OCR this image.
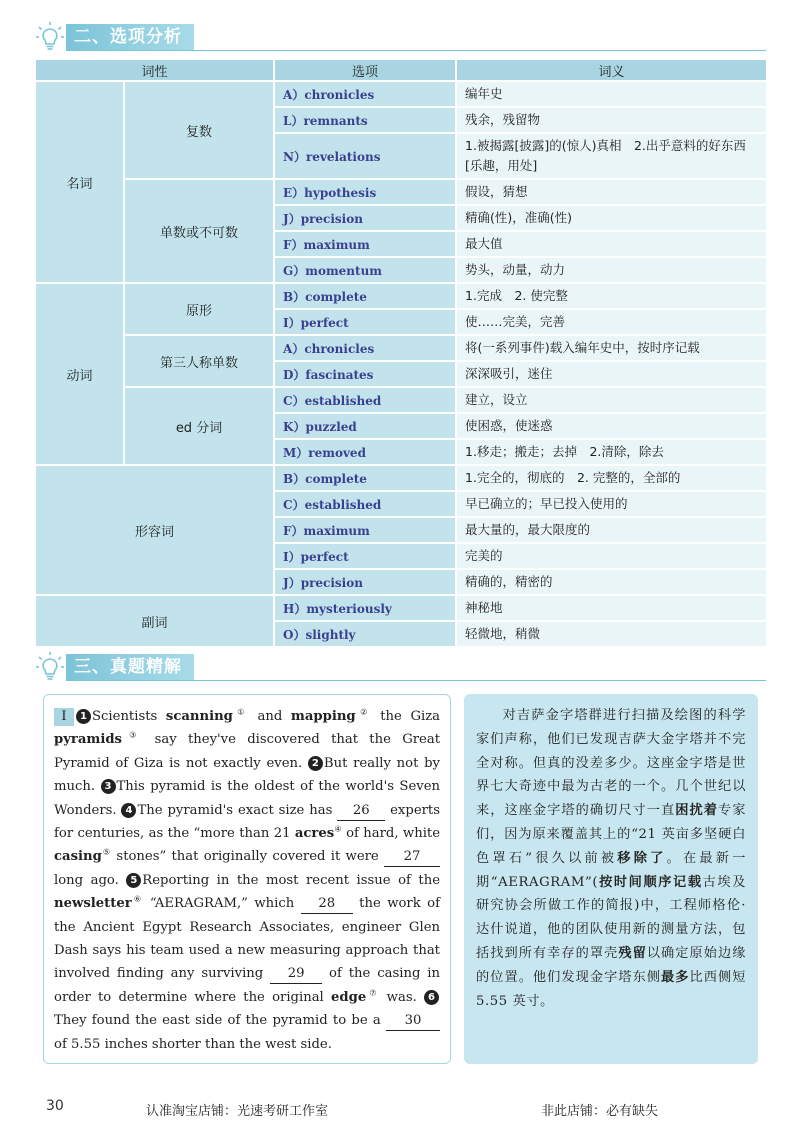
二、选项分析
词性		选项	词义
名词	复数	A）chronicles	编年史
		L）remnants	残余，残留物
		N）revelations	1.被揭露[披露]的(惊人)真相　2.出乎意料的好东西[乐趣，用处]
	单数或不可数	E）hypothesis	假设，猜想
		J）precision	精确(性)，准确(性)
		F）maximum	最大值
		G）momentum	势头，动量，动力
动词	原形	B）complete	1.完成　2. 使完整
		I）perfect	使……完美，完善
	第三人称单数	A）chronicles	将(一系列事件)载入编年史中，按时序记载
		D）fascinates	深深吸引，迷住
	ed 分词	C）established	建立，设立
		K）puzzled	使困惑，使迷惑
		M）removed	1.移走；搬走；去掉　2.清除，除去
形容词		B）complete	1.完全的，彻底的　2. 完整的，全部的
		C）established	早已确立的；早已投入使用的
		F）maximum	最大量的，最大限度的
		I）perfect	完美的
		J）precision	精确的，精密的
副词		H）mysteriously	神秘地
		O）slightly	轻微地，稍微
三、真题精解
Ⅰ 1 Scientists scanning① and mapping② the Giza pyramids③ say they've discovered that the Great Pyramid of Giza is not exactly even. 2 But really not by much. 3 This pyramid is the oldest of the world's Seven Wonders. 4 The pyramid's exact size has 26 experts for centuries, as the “more than 21 acres④ of hard, white casing⑤ stones” that originally covered it were 27 long ago. 5 Reporting in the most recent issue of the newsletter⑥ “AERAGRAM,” which 28 the work of the Ancient Egypt Research Associates, engineer Glen Dash says his team used a new measuring approach that involved finding any surviving 29 of the casing in order to determine where the original edge⑦ was. 6They found the east side of the pyramid to be a 30 of 5.55 inches shorter than the west side.
对吉萨金字塔群进行扫描及绘图的科学家们声称，他们已发现吉萨大金字塔并不完全对称。但真的没差多少。这座金字塔是世界七大奇迹中最为古老的一个。几个世纪以来，这座金字塔的确切尺寸一直困扰着专家们，因为原来覆盖其上的“21 英亩多坚硬白色罩石”很久以前被移除了。在最新一期“AERAGRAM”(按时间顺序记载古埃及研究协会所做工作的简报)中，工程师格伦· 达什说道，他的团队使用新的测量方法，包括找到所有幸存的罩壳残留以确定原始边缘的位置。他们发现金字塔东侧最多比西侧短 5.55 英寸。
30	认准淘宝店铺：光速考研工作室	非此店铺：必有缺失
